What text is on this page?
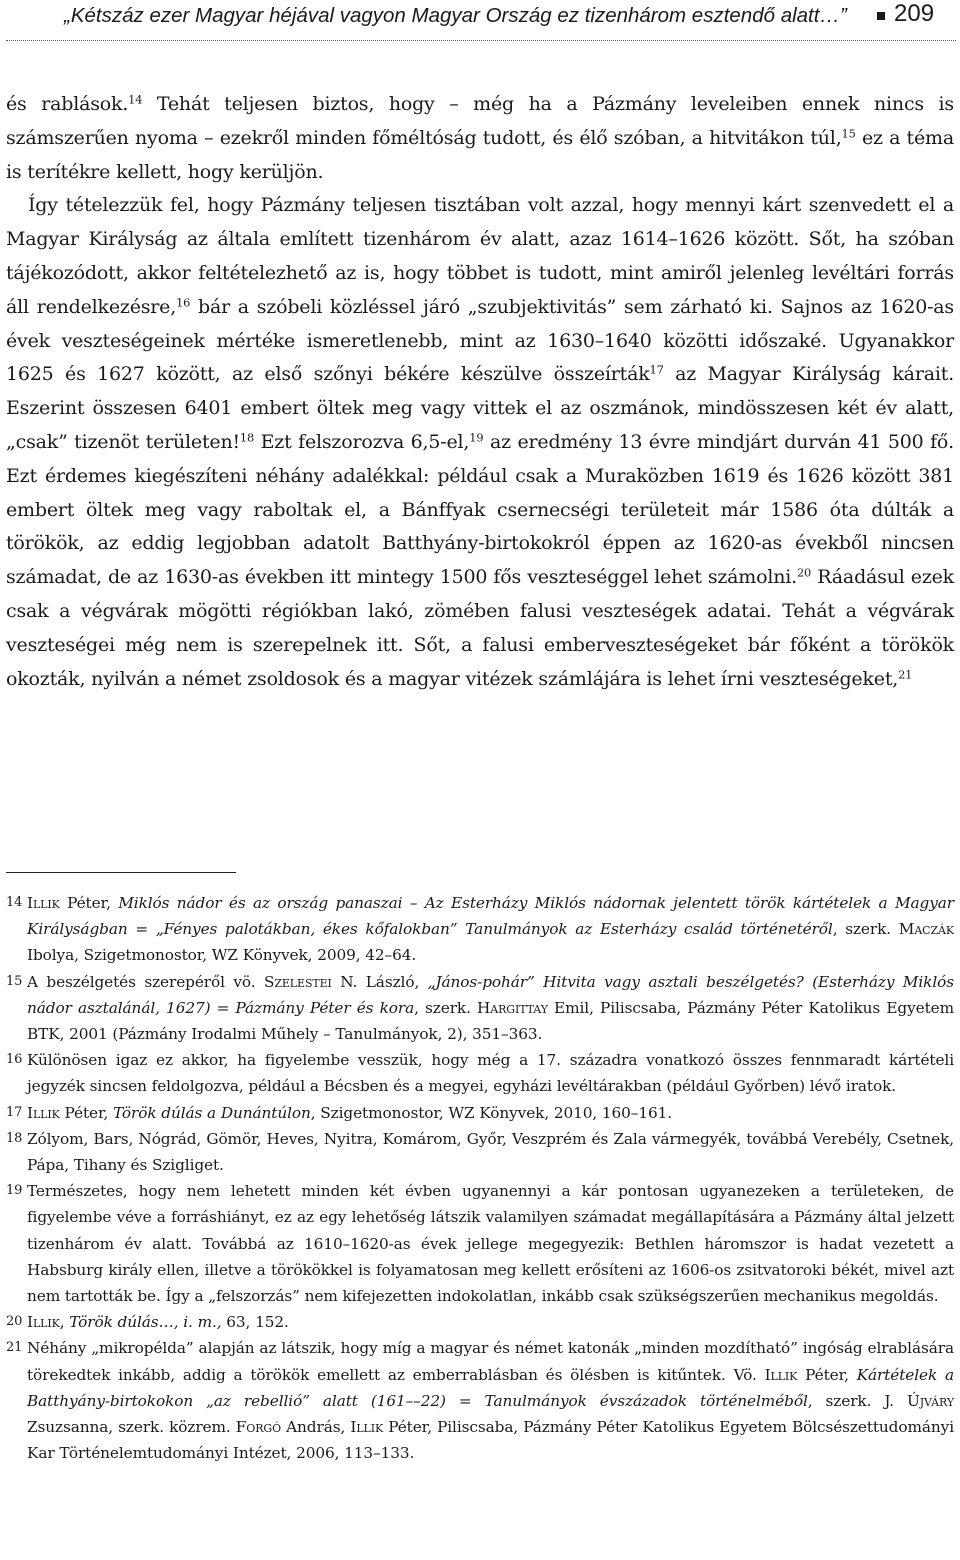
„Kétszáz ezer Magyar héjával vagyon Magyar Ország ez tizenhárom esztendő alatt…” 209

és rablások.$^{14}$ Tehát teljesen biztos, hogy – még ha a Pázmány leveleiben ennek nincs is számszerűen nyoma – ezekről minden főméltóság tudott, és élő szóban, a hitvitákon túl,$^{15}$ ez a téma is terítékre kellett, hogy kerüljön.

Így tételezzük fel, hogy Pázmány teljesen tisztában volt azzal, hogy mennyi kárt szenvedett el a Magyar Királyság az általa említett tizenhárom év alatt, azaz 1614–1626 között. Sőt, ha szóban tájékozódott, akkor feltételezhető az is, hogy többet is tudott, mint amiről jelenleg levéltári forrás áll rendelkezésre,$^{16}$ bár a szóbeli közléssel járó „szubjektivitás” sem zárható ki. Sajnos az 1620-as évek veszteségeinek mértéke ismeretlenebb, mint az 1630–1640 közötti időszaké. Ugyanakkor 1625 és 1627 között, az első szőnyi békére készülve összeírták$^{17}$ az Magyar Királyság kárait. Eszerint összesen 6401 embert öltek meg vagy vittek el az oszmánok, mindösszesen két év alatt, „csak” tizenöt területen!$^{18}$ Ezt felszorozva 6,5-el,$^{19}$ az eredmény 13 évre mindjárt durván 41 500 fő. Ezt érdemes kiegészíteni néhány adalékkal: például csak a Muraközben 1619 és 1626 között 381 embert öltek meg vagy raboltak el, a Bánffyak csernecségi területeit már 1586 óta dúlták a törökök, az eddig legjobban adatolt Batthyány-birtokokról éppen az 1620-as évekből nincsen számadat, de az 1630-as években itt mintegy 1500 fős veszteséggel lehet számolni.$^{20}$ Ráadásul ezek csak a végvárak mögötti régiókban lakó, zömében falusi veszteségek adatai. Tehát a végvárak veszteségei még nem is szerepelnek itt. Sőt, a falusi emberveszteségeket bár főként a törökök okozták, nyilván a német zsoldosok és a magyar vitézek számlájára is lehet írni veszteségeket,$^{21}$

14 Illik Péter, Miklós nádor és az ország panaszai – Az Esterházy Miklós nádornak jelentett török kártételek a Magyar Királyságban = „Fényes palotákban, ékes kőfalokban” Tanulmányok az Esterházy család történetéről, szerk. Maczák Ibolya, Szigetmonostor, WZ Könyvek, 2009, 42–64.
15 A beszélgetés szerepéről vö. Szelestei N. László, „János-pohár” Hitvita vagy asztali beszélgetés? (Esterházy Miklós nádor asztalánál, 1627) = Pázmány Péter és kora, szerk. Hargittay Emil, Piliscsaba, Pázmány Péter Katolikus Egyetem BTK, 2001 (Pázmány Irodalmi Műhely – Tanulmányok, 2), 351–363.
16 Különösen igaz ez akkor, ha figyelembe vesszük, hogy még a 17. századra vonatkozó összes fennmaradt kártételi jegyzék sincsen feldolgozva, például a Bécsben és a megyei, egyházi levéltárakban (például Győrben) lévő iratok.
17 Illik Péter, Török dúlás a Dunántúlon, Szigetmonostor, WZ Könyvek, 2010, 160–161.
18 Zólyom, Bars, Nógrád, Gömör, Heves, Nyitra, Komárom, Győr, Veszprém és Zala vármegyék, továbbá Verebély, Csetnek, Pápa, Tihany és Szigliget.
19 Természetes, hogy nem lehetett minden két évben ugyanennyi a kár pontosan ugyanezeken a területeken, de figyelembe véve a forráshiányt, ez az egy lehetőség látszik valamilyen számadat megállapítására a Pázmány által jelzett tizenhárom év alatt. Továbbá az 1610–1620-as évek jellege megegyezik: Bethlen háromszor is hadat vezetett a Habsburg király ellen, illetve a törökökkel is folyamatosan meg kellett erősíteni az 1606-os zsitvatoroki békét, mivel azt nem tartották be. Így a „felszorzás” nem kifejezetten indokolatlan, inkább csak szükségszerűen mechanikus megoldás.
20 Illik, Török dúlás…, i. m., 63, 152.
21 Néhány „mikropélda” alapján az látszik, hogy míg a magyar és német katonák „minden mozdítható” ingóság elrablására törekedtek inkább, addig a törökök emellett az emberrablásban és ölésben is kitűntek. Vö. Illik Péter, Kártételek a Batthyány-birtokokon „az rebellió” alatt (161––22) = Tanulmányok évszázadok történelméből, szerk. J. Újváry Zsuzsanna, szerk. közrem. Forgó András, Illik Péter, Piliscsaba, Pázmány Péter Katolikus Egyetem Bölcsészettudományi Kar Történelemtudományi Intézet, 2006, 113–133.
